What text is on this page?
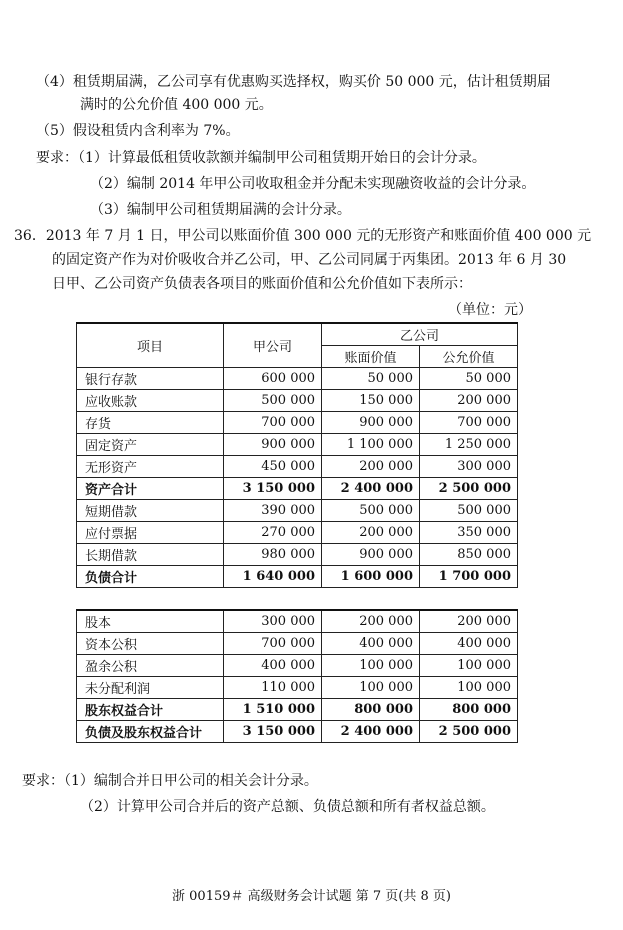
（4）租赁期届满，乙公司享有优惠购买选择权，购买价 50 000 元，估计租赁期届
满时的公允价值 400 000 元。
（5）假设租赁内含利率为 7%。
要求：（1）计算最低租赁收款额并编制甲公司租赁期开始日的会计分录。
（2）编制 2014 年甲公司收取租金并分配未实现融资收益的会计分录。
（3）编制甲公司租赁期届满的会计分录。
36．2013 年 7 月 1 日，甲公司以账面价值 300 000 元的无形资产和账面价值 400 000 元
的固定资产作为对价吸收合并乙公司，甲、乙公司同属于丙集团。2013 年 6 月 30
日甲、乙公司资产负债表各项目的账面价值和公允价值如下表所示：
（单位：元）
项目	甲公司	乙公司	
		账面价值	公允价值
银行存款	600 000	50 000	50 000
应收账款	500 000	150 000	200 000
存货	700 000	900 000	700 000
固定资产	900 000	1 100 000	1 250 000
无形资产	450 000	200 000	300 000
资产合计	3 150 000	2 400 000	2 500 000
短期借款	390 000	500 000	500 000
应付票据	270 000	200 000	350 000
长期借款	980 000	900 000	850 000
负债合计	1 640 000	1 600 000	1 700 000

股本	300 000	200 000	200 000
资本公积	700 000	400 000	400 000
盈余公积	400 000	100 000	100 000
未分配利润	110 000	100 000	100 000
股东权益合计	1 510 000	800 000	800 000
负债及股东权益合计	3 150 000	2 400 000	2 500 000
要求：（1）编制合并日甲公司的相关会计分录。
（2）计算甲公司合并后的资产总额、负债总额和所有者权益总额。
浙 00159＃ 高级财务会计试题 第 7 页(共 8 页)
